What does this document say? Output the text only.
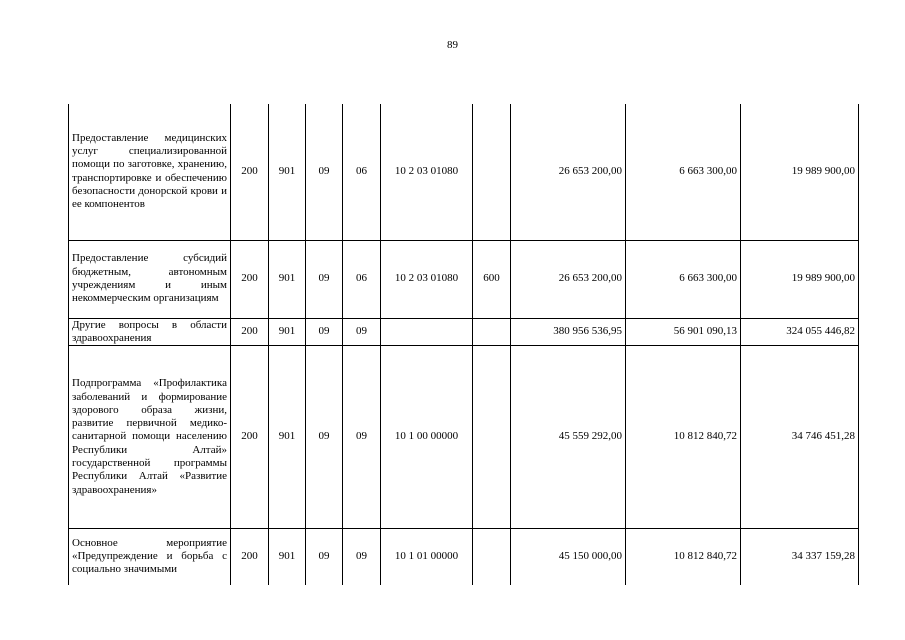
89
Предоставление медицинских услуг специализированной помощи по заготовке, хранению, транспортировке и обеспечению безопасности донорской крови и ее компонентов	200	901	09	06	10 2 03 01080		26 653 200,00	6 663 300,00	19 989 900,00
Предоставление субсидий бюджетным, автономным учреждениям и иным некоммерческим организациям	200	901	09	06	10 2 03 01080	600	26 653 200,00	6 663 300,00	19 989 900,00
Другие вопросы в области здравоохранения	200	901	09	09			380 956 536,95	56 901 090,13	324 055 446,82
Подпрограмма «Профилактика заболеваний и формирование здорового образа жизни, развитие первичной медико-санитарной помощи населению Республики Алтай» государственной программы Республики Алтай «Развитие здравоохранения»	200	901	09	09	10 1 00 00000		45 559 292,00	10 812 840,72	34 746 451,28
Основное мероприятие «Предупреждение и борьба с социально значимыми	200	901	09	09	10 1 01 00000		45 150 000,00	10 812 840,72	34 337 159,28
